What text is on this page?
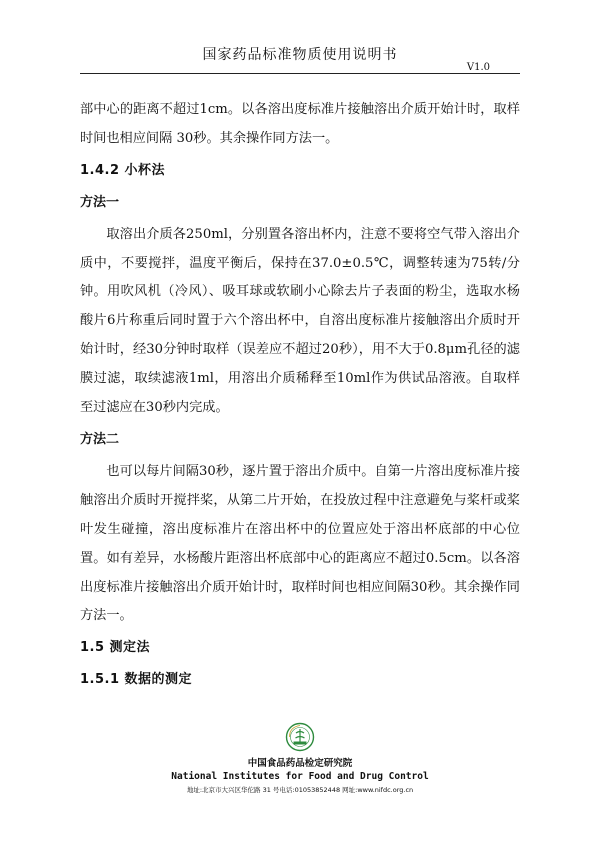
国家药品标准物质使用说明书
V1.0

部中心的距离不超过1cm。以各溶出度标准片接触溶出介质开始计时，取样时间也相应间隔 30秒。其余操作同方法一。

1.4.2 小杯法

方法一

取溶出介质各250ml，分别置各溶出杯内，注意不要将空气带入溶出介质中，不要搅拌，温度平衡后，保持在37.0±0.5℃，调整转速为75转/分钟。用吹风机（冷风）、吸耳球或软刷小心除去片子表面的粉尘，选取水杨酸片6片称重后同时置于六个溶出杯中，自溶出度标准片接触溶出介质时开始计时，经30分钟时取样（误差应不超过20秒），用不大于0.8μm孔径的滤膜过滤，取续滤液1ml，用溶出介质稀释至10ml作为供试品溶液。自取样至过滤应在30秒内完成。

方法二

也可以每片间隔30秒，逐片置于溶出介质中。自第一片溶出度标准片接触溶出介质时开搅拌桨，从第二片开始，在投放过程中注意避免与桨杆或桨叶发生碰撞，溶出度标准片在溶出杯中的位置应处于溶出杯底部的中心位置。如有差异，水杨酸片距溶出杯底部中心的距离应不超过0.5cm。以各溶出度标准片接触溶出介质开始计时，取样时间也相应间隔30秒。其余操作同方法一。

1.5 测定法

1.5.1 数据的测定

中国食品药品检定研究院
National Institutes for Food and Drug Control
地址:北京市大兴区华佗路 31 号电话:01053852448 网址:www.nifdc.org.cn
